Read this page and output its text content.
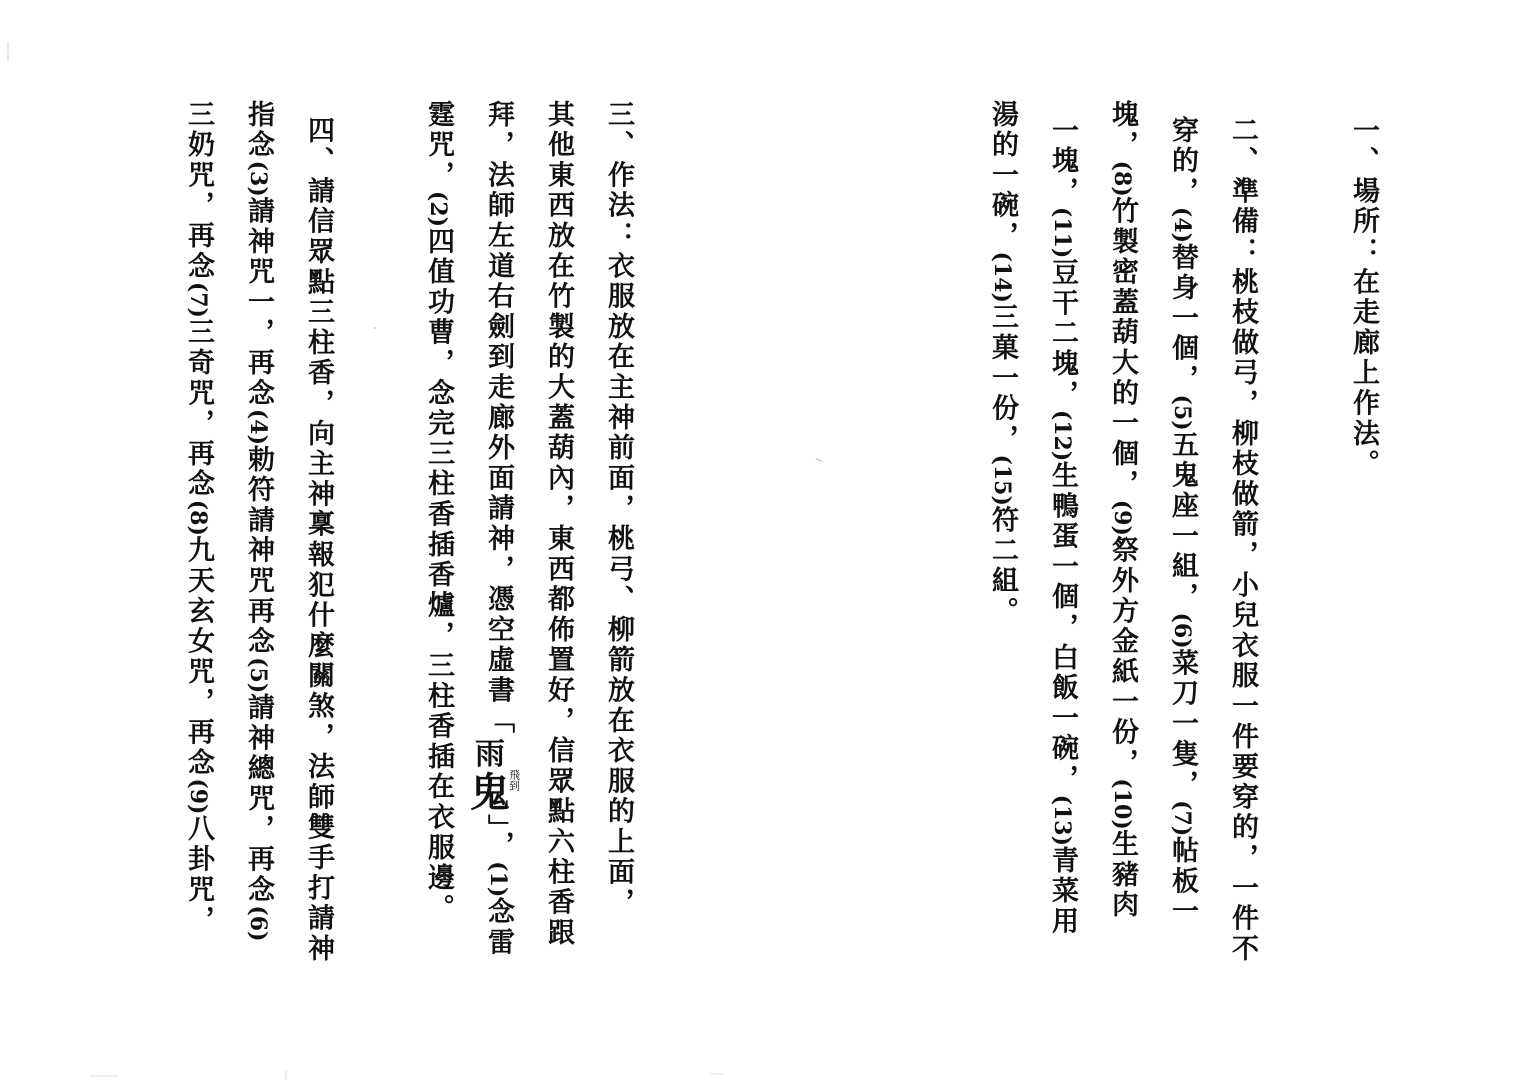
一、場所：在走廊上作法。
二、準備：桃枝做弓，柳枝做箭，小兒衣服一件要穿的，一件不
穿的，(4)替身一個，(5)五鬼座一組，(6)菜刀一隻，(7)帖板一
塊，(8)竹製密蓋葫大的一個，(9)祭外方金紙一份，(10)生豬肉
一塊，(11)豆干二塊，(12)生鴨蛋一個，白飯一碗，(13)青菜用
湯的一碗，(14)三菓一份，(15)符二組。
三、作法：衣服放在主神前面，桃弓、柳箭放在衣服的上面，
其他東西放在竹製的大蓋葫內，東西都佈置好，信眾點六柱香跟
拜，法師左道右劍到走廊外面請神，憑空虛書「
」，(1)念雷
霆咒，(2)四值功曹，念完三柱香插香爐，三柱香插在衣服邊。
四、請信眾點三柱香，向主神稟報犯什麼關煞，法師雙手打請神
指念(3)請神咒一，再念(4)勅符請神咒再念(5)請神總咒，再念(6)
三奶咒，再念(7)三奇咒，再念(8)九天玄女咒，再念(9)八卦咒，
雨
鬼
飛到
